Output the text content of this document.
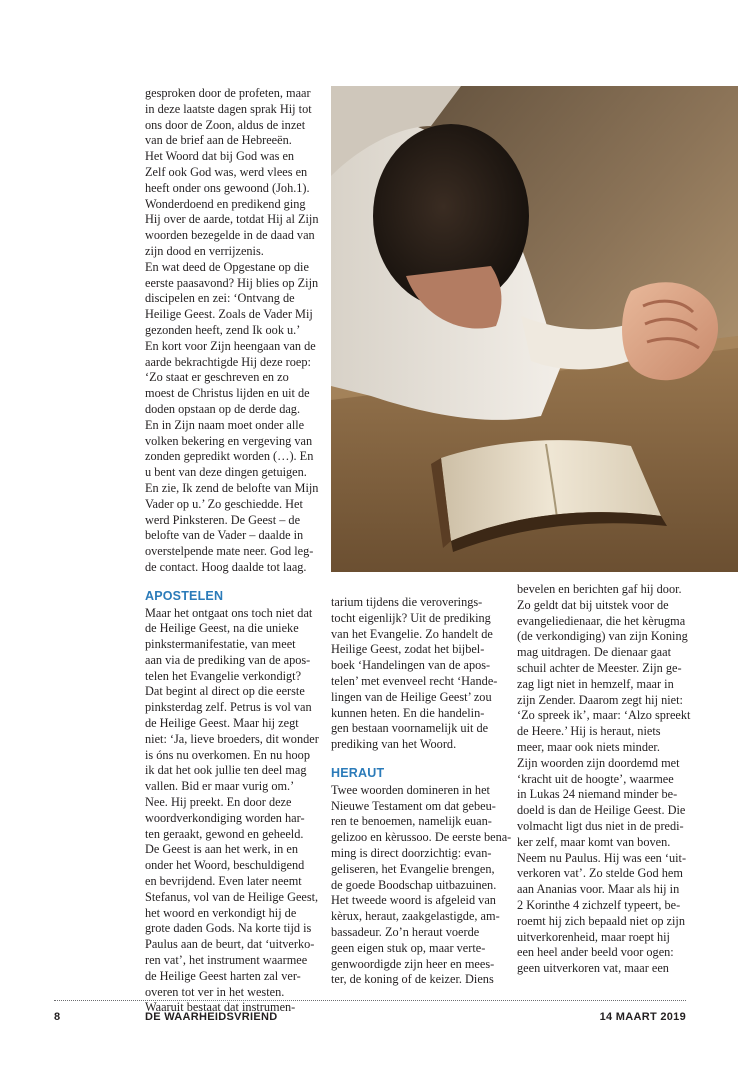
gesproken door de profeten, maar
in deze laatste dagen sprak Hij tot
ons door de Zoon, aldus de inzet
van de brief aan de Hebreeën.
Het Woord dat bij God was en
Zelf ook God was, werd vlees en
heeft onder ons gewoond (Joh.1).
Wonderdoend en predikend ging
Hij over de aarde, totdat Hij al Zijn
woorden bezegelde in de daad van
zijn dood en verrijzenis.
En wat deed de Opgestane op die
eerste paasavond? Hij blies op Zijn
discipelen en zei: ‘Ontvang de
Heilige Geest. Zoals de Vader Mij
gezonden heeft, zend Ik ook u.’
En kort voor Zijn heengaan van de
aarde bekrachtigde Hij deze roep:
‘Zo staat er geschreven en zo
moest de Christus lijden en uit de
doden opstaan op de derde dag.
En in Zijn naam moet onder alle
volken bekering en vergeving van
zonden gepredikt worden (…). En
u bent van deze dingen getuigen.
En zie, Ik zend de belofte van Mijn
Vader op u.’ Zo geschiedde. Het
werd Pinksteren. De Geest – de
belofte van de Vader – daalde in
overstelpende mate neer. God leg-
de contact. Hoog daalde tot laag.
APOSTELEN
Maar het ontgaat ons toch niet dat
de Heilige Geest, na die unieke
pinkstermanifestatie, van meet
aan via de prediking van de apos-
telen het Evangelie verkondigt?
Dat begint al direct op die eerste
pinksterdag zelf. Petrus is vol van
de Heilige Geest. Maar hij zegt
niet: ‘Ja, lieve broeders, dit wonder
is óns nu overkomen. En nu hoop
ik dat het ook jullie ten deel mag
vallen. Bid er maar vurig om.’
Nee. Hij preekt. En door deze
woordverkondiging worden har-
ten geraakt, gewond en geheeld.
De Geest is aan het werk, in en
onder het Woord, beschuldigend
en bevrijdend. Even later neemt
Stefanus, vol van de Heilige Geest,
het woord en verkondigt hij de
grote daden Gods. Na korte tijd is
Paulus aan de beurt, dat ‘uitverko-
ren vat’, het instrument waarmee
de Heilige Geest harten zal ver-
overen tot ver in het westen.
Waaruit bestaat dat instrumen-
tarium tijdens die veroverings-
tocht eigenlijk? Uit de prediking
van het Evangelie. Zo handelt de
Heilige Geest, zodat het bijbel-
boek ‘Handelingen van de apos-
telen’ met evenveel recht ‘Hande-
lingen van de Heilige Geest’ zou
kunnen heten. En die handelin-
gen bestaan voornamelijk uit de
prediking van het Woord.
HERAUT
Twee woorden domineren in het
Nieuwe Testament om dat gebeu-
ren te benoemen, namelijk euan-
gelizoo en kèrussoo. De eerste bena-
ming is direct doorzichtig: evan-
geliseren, het Evangelie brengen,
de goede Boodschap uitbazuinen.
Het tweede woord is afgeleid van
kèrux, heraut, zaakgelastigde, am-
bassadeur. Zo’n heraut voerde
geen eigen stuk op, maar verte-
genwoordigde zijn heer en mees-
ter, de koning of de keizer. Diens
bevelen en berichten gaf hij door.
Zo geldt dat bij uitstek voor de
evangeliedienaar, die het kèrugma
(de verkondiging) van zijn Koning
mag uitdragen. De dienaar gaat
schuil achter de Meester. Zijn ge-
zag ligt niet in hemzelf, maar in
zijn Zender. Daarom zegt hij niet:
‘Zo spreek ik’, maar: ‘Alzo spreekt
de Heere.’ Hij is heraut, niets
meer, maar ook niets minder.
Zijn woorden zijn doordemd met
‘kracht uit de hoogte’, waarmee
in Lukas 24 niemand minder be-
doeld is dan de Heilige Geest. Die
volmacht ligt dus niet in de predi-
ker zelf, maar komt van boven.
Neem nu Paulus. Hij was een ‘uit-
verkoren vat’. Zo stelde God hem
aan Ananias voor. Maar als hij in
2 Korinthe 4 zichzelf typeert, be-
roemt hij zich bepaald niet op zijn
uitverkorenheid, maar roept hij
een heel ander beeld voor ogen:
geen uitverkoren vat, maar een
8	DE WAARHEIDSVRIEND	14 MAART 2019
